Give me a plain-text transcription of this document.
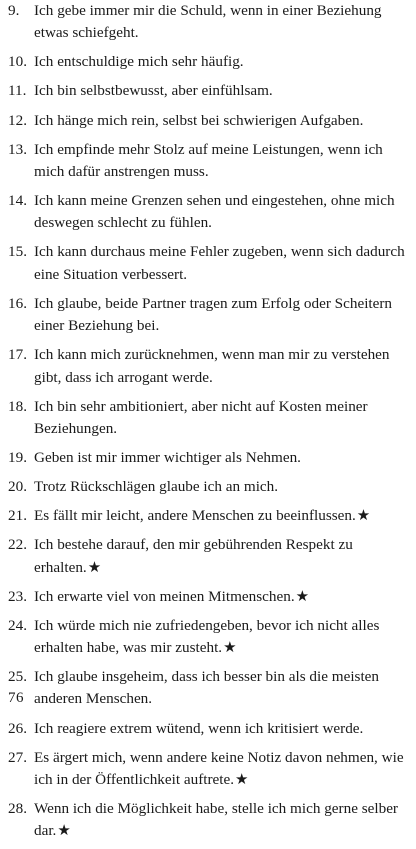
9. Ich gebe immer mir die Schuld, wenn in einer Beziehung etwas schiefgeht.
10. Ich entschuldige mich sehr häufig.
11. Ich bin selbstbewusst, aber einfühlsam.
12. Ich hänge mich rein, selbst bei schwierigen Aufgaben.
13. Ich empfinde mehr Stolz auf meine Leistungen, wenn ich mich dafür anstrengen muss.
14. Ich kann meine Grenzen sehen und eingestehen, ohne mich deswegen schlecht zu fühlen.
15. Ich kann durchaus meine Fehler zugeben, wenn sich dadurch eine Situation verbessert.
16. Ich glaube, beide Partner tragen zum Erfolg oder Scheitern einer Beziehung bei.
17. Ich kann mich zurücknehmen, wenn man mir zu verstehen gibt, dass ich arrogant werde.
18. Ich bin sehr ambitioniert, aber nicht auf Kosten meiner Beziehungen.
19. Geben ist mir immer wichtiger als Nehmen.
20. Trotz Rückschlägen glaube ich an mich.
21. Es fällt mir leicht, andere Menschen zu beeinflussen.★
22. Ich bestehe darauf, den mir gebührenden Respekt zu erhalten.★
23. Ich erwarte viel von meinen Mitmenschen.★
24. Ich würde mich nie zufriedengeben, bevor ich nicht alles erhalten habe, was mir zusteht.★
25. Ich glaube insgeheim, dass ich besser bin als die meisten anderen Menschen.
26. Ich reagiere extrem wütend, wenn ich kritisiert werde.
27. Es ärgert mich, wenn andere keine Notiz davon nehmen, wie ich in der Öffentlichkeit auftrete.★
28. Wenn ich die Möglichkeit habe, stelle ich mich gerne selber dar.★
76
